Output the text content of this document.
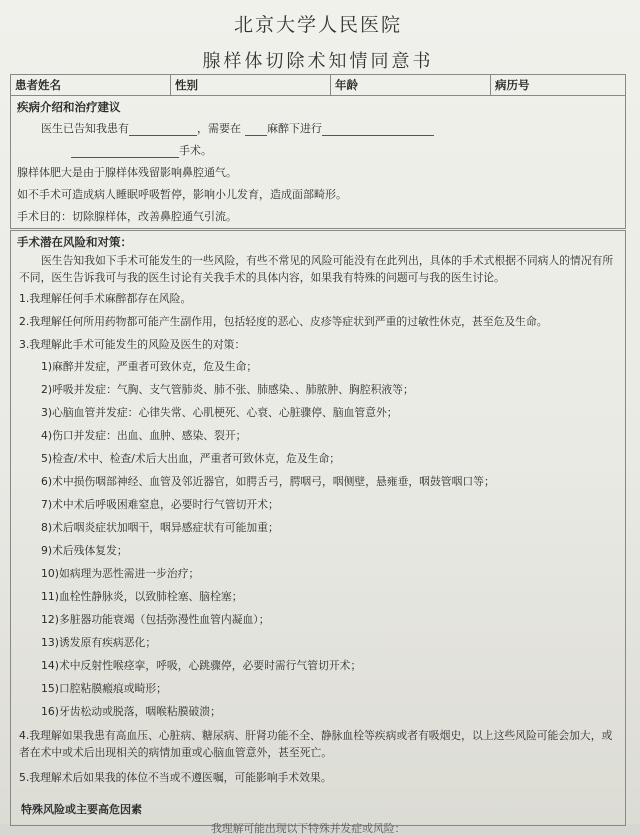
北京大学人民医院
腺样体切除术知情同意书
患者姓名	性别	年龄	病历号
疾病介绍和治疗建议
医生已告知我患有	，需要在 麻醉下进行
手术。
腺样体肥大是由于腺样体残留影响鼻腔通气。
如不手术可造成病人睡眠呼吸暂停，影响小儿发育，造成面部畸形。
手术目的：切除腺样体，改善鼻腔通气引流。
手术潜在风险和对策：
医生告知我如下手术可能发生的一些风险，有些不常见的风险可能没有在此列出，具体的手术式根据不同病人的情况有所不同，医生告诉我可与我的医生讨论有关我手术的具体内容，如果我有特殊的问题可与我的医生讨论。
1.我理解任何手术麻醉都存在风险。
2.我理解任何所用药物都可能产生副作用，包括轻度的恶心、皮疹等症状到严重的过敏性休克，甚至危及生命。
3.我理解此手术可能发生的风险及医生的对策：
1)麻醉并发症，严重者可致休克，危及生命；
2)呼吸并发症：气胸、支气管肺炎、肺不张、肺感染、、肺脓肿、胸腔积液等；
3)心脑血管并发症：心律失常、心肌梗死、心衰、心脏骤停、脑血管意外；
4)伤口并发症：出血、血肿、感染、裂开；
5)检查/术中、检查/术后大出血，严重者可致休克，危及生命；
6)术中损伤咽部神经、血管及邻近器官，如腭舌弓，腭咽弓，咽侧壁，悬雍垂，咽鼓管咽口等；
7)术中术后呼吸困难窒息，必要时行气管切开术；
8)术后咽炎症状加咽干，咽异感症状有可能加重；
9)术后残体复发；
10)如病理为恶性需进一步治疗；
11)血栓性静脉炎，以致肺栓塞、脑栓塞；
12)多脏器功能衰竭（包括弥漫性血管内凝血）；
13)诱发原有疾病恶化；
14)术中反射性喉痉挛，呼吸，心跳骤停，必要时需行气管切开术；
15)口腔粘膜瘢痕或畸形；
16)牙齿松动或脱落，咽喉粘膜破溃；
4.我理解如果我患有高血压、心脏病、糖尿病、肝肾功能不全、静脉血栓等疾病或者有吸烟史，以上这些风险可能会加大，或者在术中或术后出现相关的病情加重或心脑血管意外，甚至死亡。
5.我理解术后如果我的体位不当或不遵医嘱，可能影响手术效果。
特殊风险或主要高危因素
我理解可能出现以下特殊并发症或风险：
